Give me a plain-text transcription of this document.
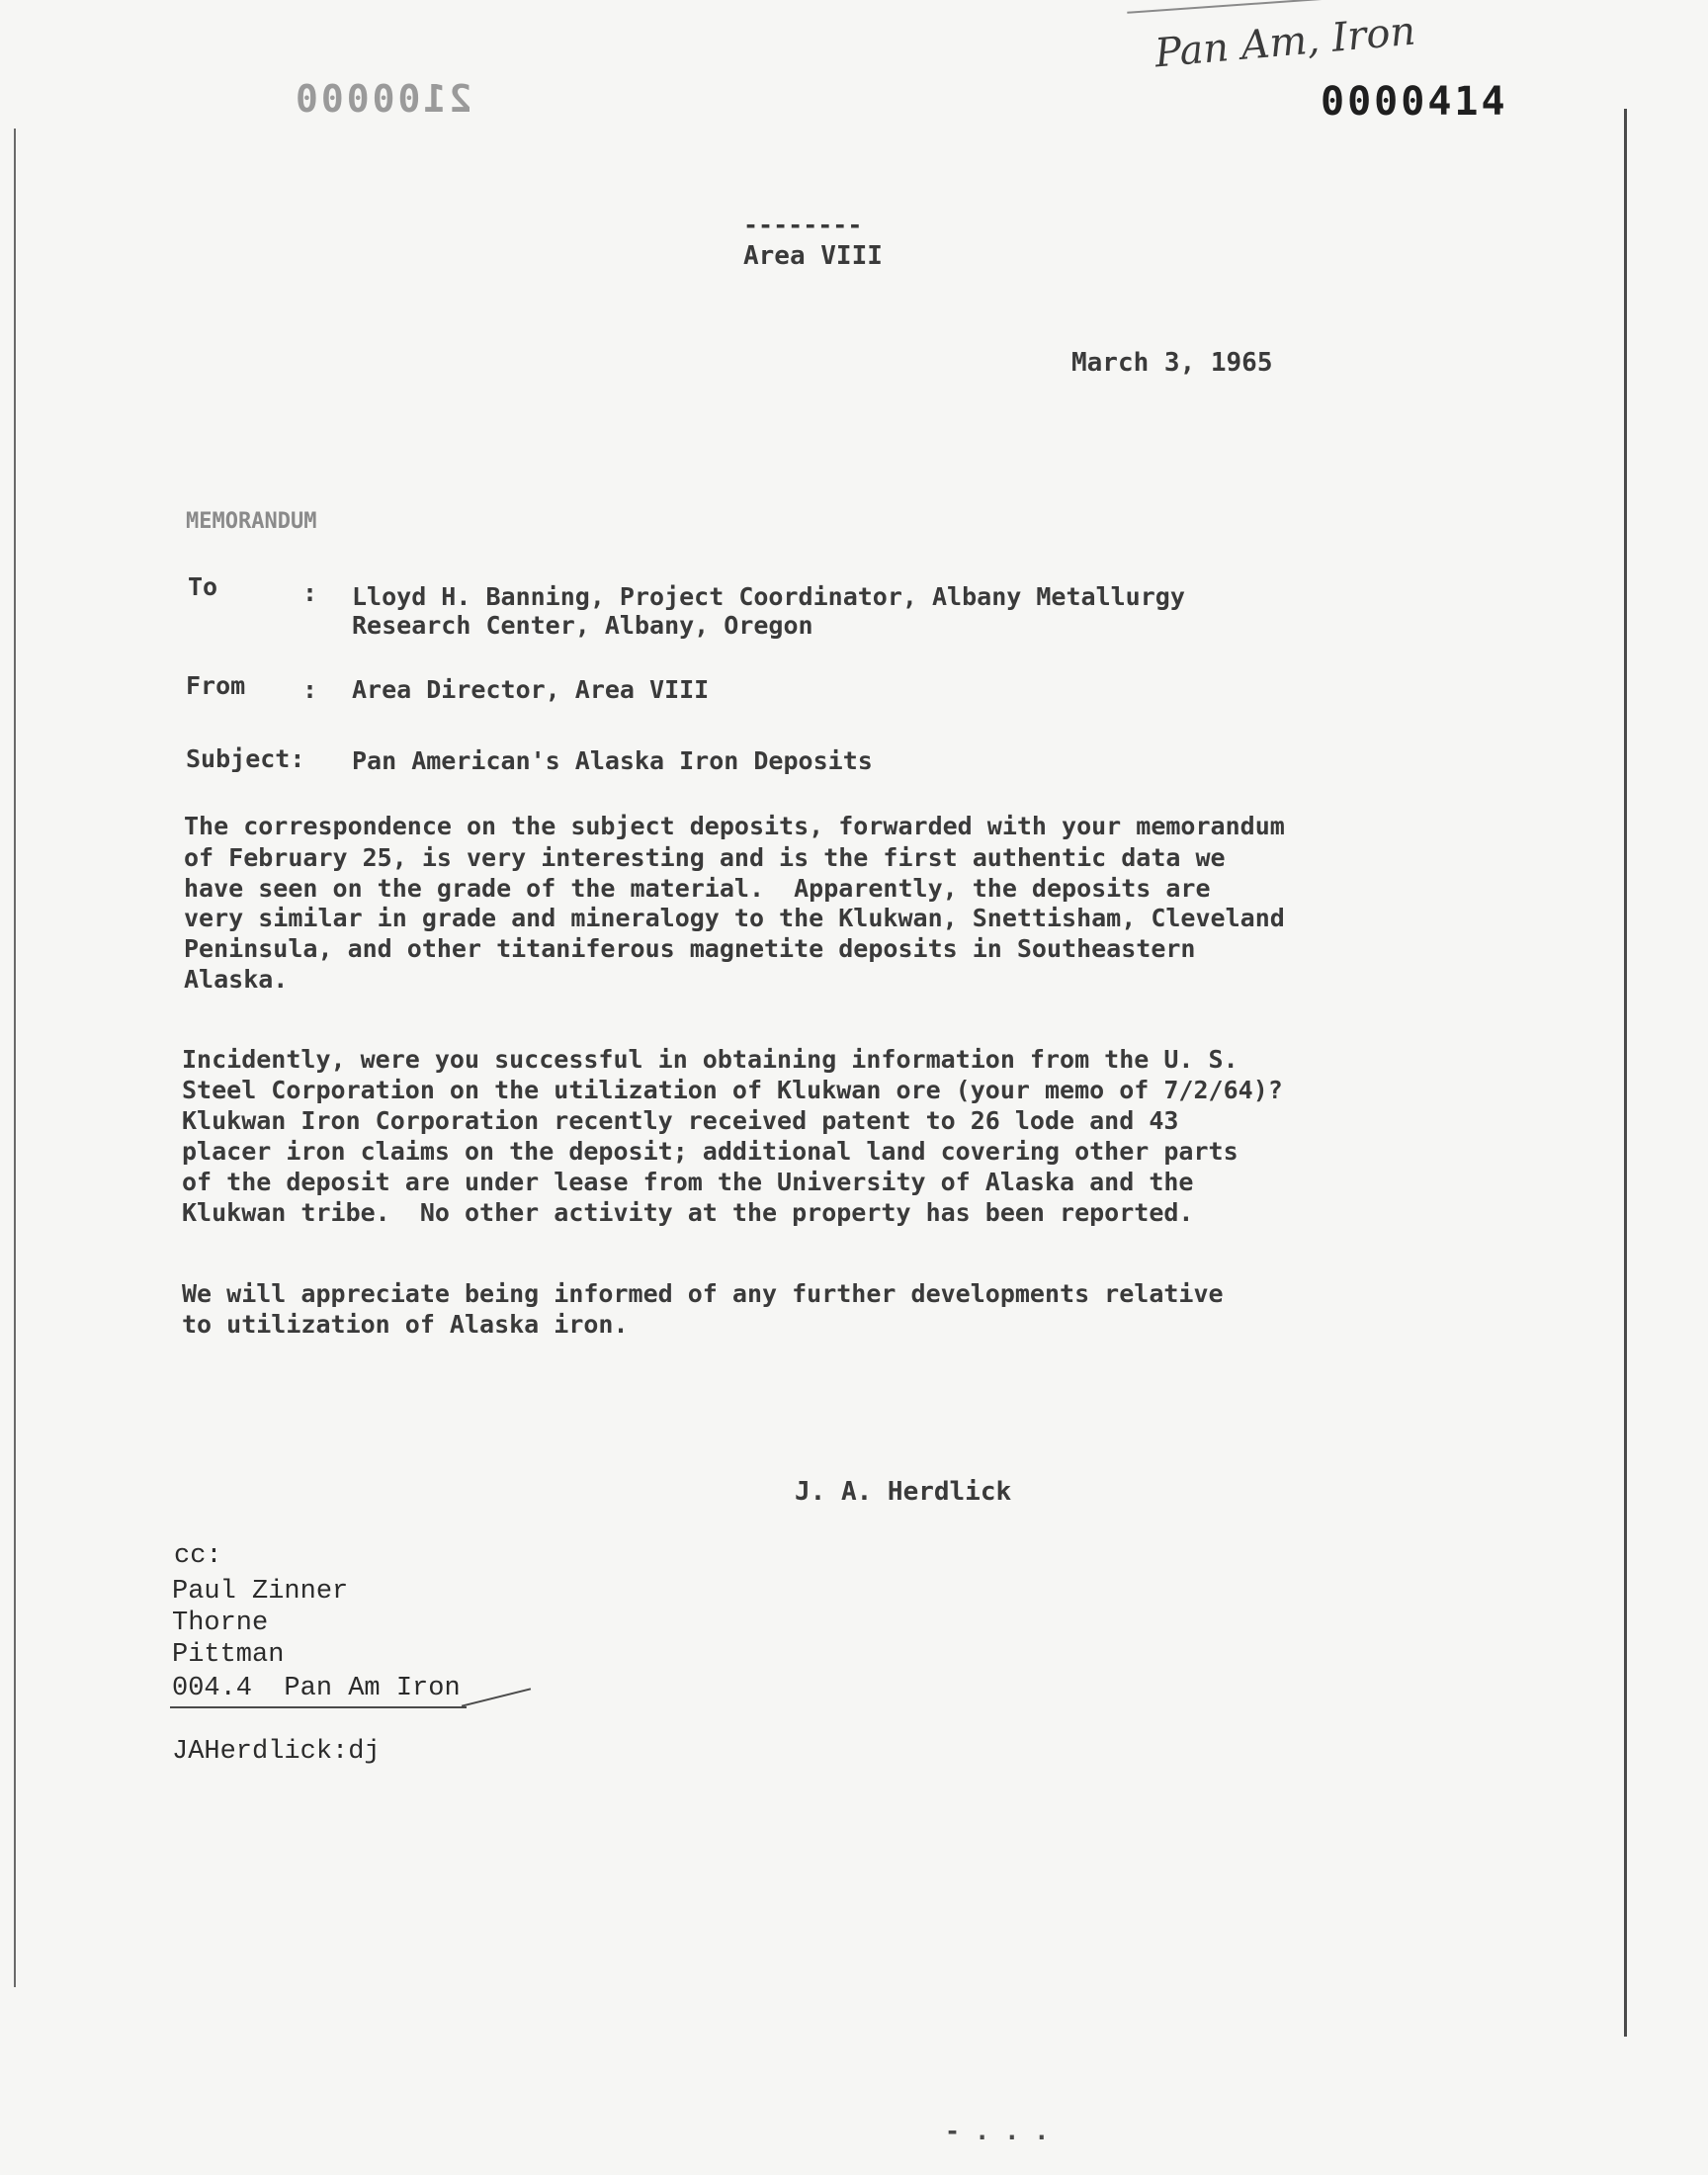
Pan Am, Iron
2100000	0000414
--------
Area VIII
March 3, 1965
MEMORANDUM
To	: Lloyd H. Banning, Project Coordinator, Albany Metallurgy
Research Center, Albany, Oregon
From : Area Director, Area VIII
Subject: Pan American's Alaska Iron Deposits
The correspondence on the subject deposits, forwarded with your memorandum
of February 25, is very interesting and is the first authentic data we
have seen on the grade of the material.  Apparently, the deposits are
very similar in grade and mineralogy to the Klukwan, Snettisham, Cleveland
Peninsula, and other titaniferous magnetite deposits in Southeastern
Alaska.
Incidently, were you successful in obtaining information from the U. S.
Steel Corporation on the utilization of Klukwan ore (your memo of 7/2/64)?
Klukwan Iron Corporation recently received patent to 26 lode and 43
placer iron claims on the deposit; additional land covering other parts
of the deposit are under lease from the University of Alaska and the
Klukwan tribe.  No other activity at the property has been reported.
We will appreciate being informed of any further developments relative
to utilization of Alaska iron.
J. A. Herdlick
cc:
Paul Zinner
Thorne
Pittman
004.4  Pan Am Iron
JAHerdlick:dj
- . . .
